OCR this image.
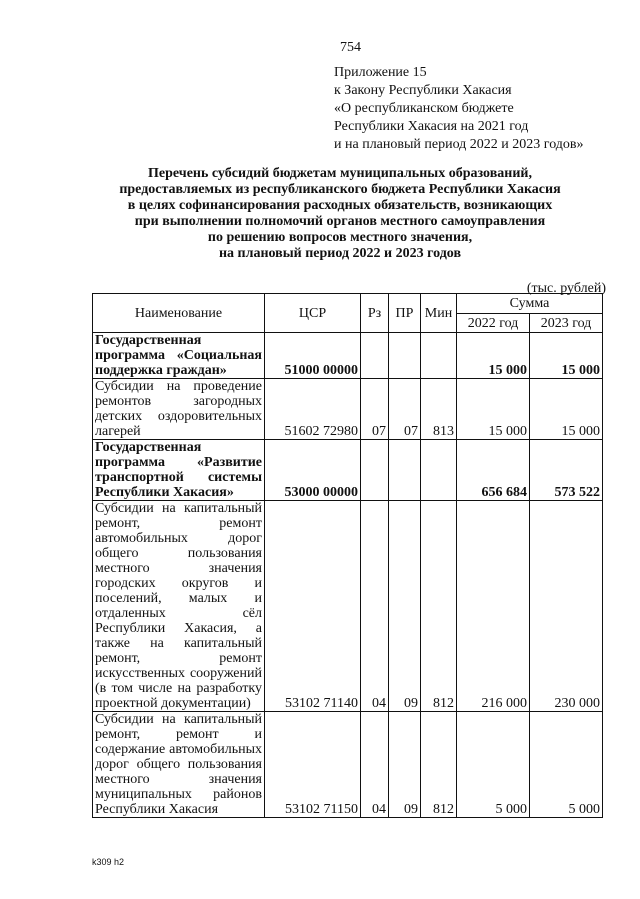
754
Приложение 15
к Закону Республики Хакасия
«О республиканском бюджете
Республики Хакасия на 2021 год
и на плановый период 2022 и 2023 годов»
Перечень субсидий бюджетам муниципальных образований,
предоставляемых из республиканского бюджета Республики Хакасия
в целях софинансирования расходных обязательств, возникающих
при выполнении полномочий органов местного самоуправления
по решению вопросов местного значения,
на плановый период 2022 и 2023 годов
(тыс. рублей)
Наименование	ЦСР	Рз	ПР	Мин	Сумма	
					2022 год	2023 год
Государственная программа «Социальная поддержка граждан»	51000 00000				15 000	15 000
Субсидии на проведение ремонтов загородных детских оздоровительных лагерей	51602 72980	07	07	813	15 000	15 000
Государственная программа «Развитие транспортной системы Республики Хакасия»	53000 00000				656 684	573 522
Субсидии на капитальный ремонт, ремонт автомобильных дорог общего пользования местного значения городских округов и поселений, малых и отдаленных сёл Республики Хакасия, а также на капитальный ремонт, ремонт искусственных сооружений (в том числе на разработку проектной документации)	53102 71140	04	09	812	216 000	230 000
Субсидии на капитальный ремонт, ремонт и содержание автомобильных дорог общего пользования местного значения муниципальных районов Республики Хакасия	53102 71150	04	09	812	5 000	5 000
k309 h2
